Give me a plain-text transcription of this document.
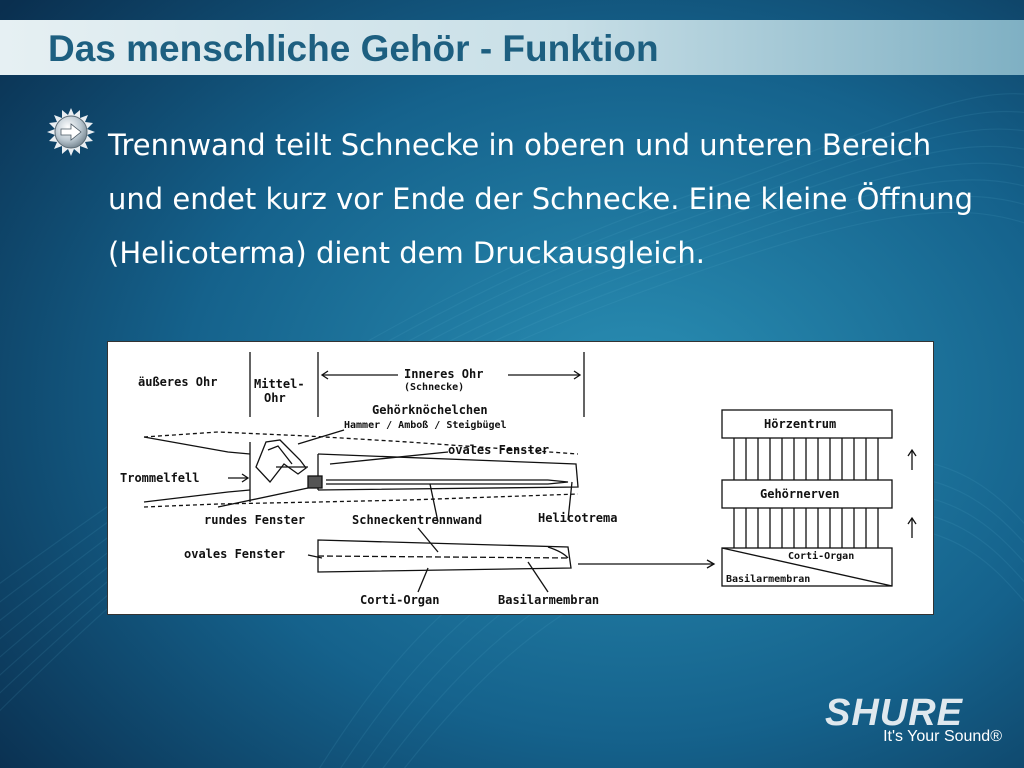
Das menschliche Gehör - Funktion

Trennwand teilt Schnecke in oberen und unteren Bereich und endet kurz vor Ende der Schnecke. Eine kleine Öffnung (Helicoterma) dient dem Druckausgleich.

äußeres Ohr	Mittel-
Ohr
Inneres Ohr
(Schnecke)
Gehörknöchelchen
Hammer / Amboß / Steigbügel
ovales Fenster
Trommelfell
rundes Fenster	Schneckentrennwand	Helicotrema
ovales Fenster
Corti-Organ	Basilarmembran
Hörzentrum
Gehörnerven
Corti-Organ
Basilarmembran
SHURE
It's Your Sound®
